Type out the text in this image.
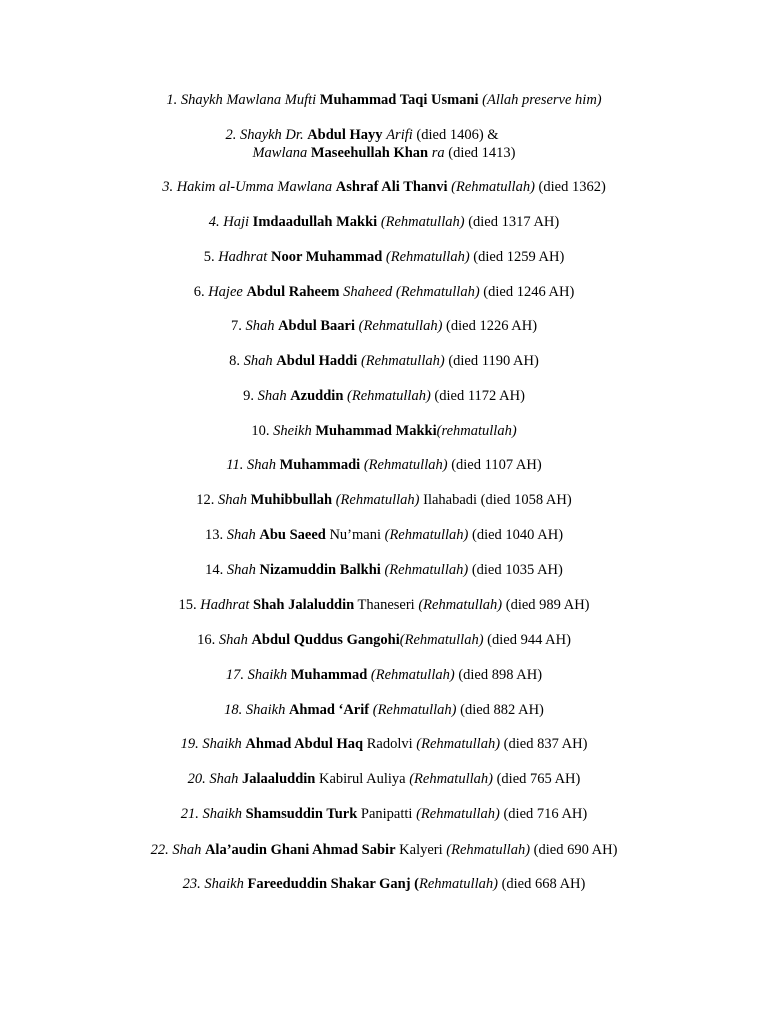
1. Shaykh Mawlana Mufti Muhammad Taqi Usmani (Allah preserve him)
2. Shaykh Dr. Abdul Hayy Arifi (died 1406) &
Mawlana Maseehullah Khan ra (died 1413)
3. Hakim al-Umma Mawlana Ashraf Ali Thanvi (Rehmatullah) (died 1362)
4. Haji Imdaadullah Makki (Rehmatullah) (died 1317 AH)
5. Hadhrat Noor Muhammad (Rehmatullah) (died 1259 AH)
6. Hajee Abdul Raheem Shaheed (Rehmatullah) (died 1246 AH)
7. Shah Abdul Baari (Rehmatullah) (died 1226 AH)
8. Shah Abdul Haddi (Rehmatullah) (died 1190 AH)
9. Shah Azuddin (Rehmatullah) (died 1172 AH)
10. Sheikh Muhammad Makki(rehmatullah)
11. Shah Muhammadi (Rehmatullah) (died 1107 AH)
12. Shah Muhibbullah (Rehmatullah) Ilahabadi (died 1058 AH)
13. Shah Abu Saeed Nu’mani (Rehmatullah) (died 1040 AH)
14. Shah Nizamuddin Balkhi (Rehmatullah) (died 1035 AH)
15. Hadhrat Shah Jalaluddin Thaneseri (Rehmatullah) (died 989 AH)
16. Shah Abdul Quddus Gangohi(Rehmatullah) (died 944 AH)
17. Shaikh Muhammad (Rehmatullah) (died 898 AH)
18. Shaikh Ahmad ‘Arif (Rehmatullah) (died 882 AH)
19. Shaikh Ahmad Abdul Haq Radolvi (Rehmatullah) (died 837 AH)
20. Shah Jalaaluddin Kabirul Auliya (Rehmatullah) (died 765 AH)
21. Shaikh Shamsuddin Turk Panipatti (Rehmatullah) (died 716 AH)
22. Shah Ala’audin Ghani Ahmad Sabir Kalyeri (Rehmatullah) (died 690 AH)
23. Shaikh Fareeduddin Shakar Ganj (Rehmatullah) (died 668 AH)
